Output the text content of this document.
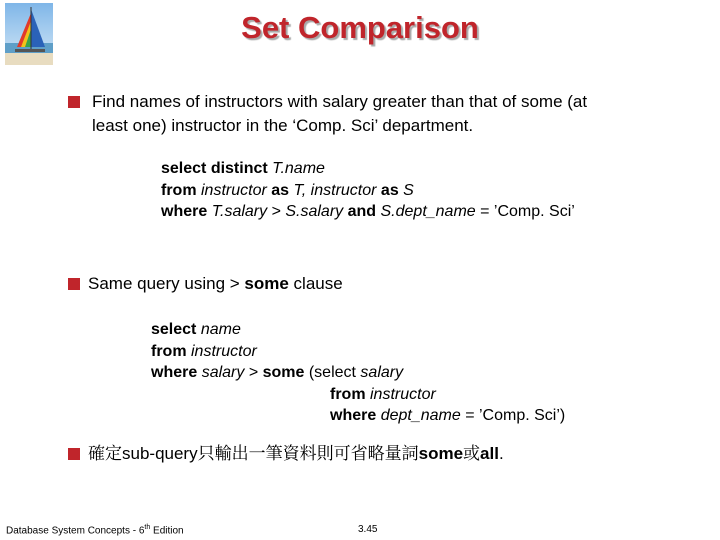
Set Comparison
Find names of instructors with salary greater than that of some (at
least one) instructor in the ‘Comp. Sci’ department.
select distinct T.name
from instructor as T, instructor as S
where T.salary > S.salary and S.dept_name = ’Comp. Sci’
Same query using > some clause
select name
from instructor
where salary > some (select salary
from instructor
where dept_name = ’Comp. Sci’)
確定sub-query只輸出一筆資料則可省略量詞some或all.
Database System Concepts - 6th Edition	3.45
